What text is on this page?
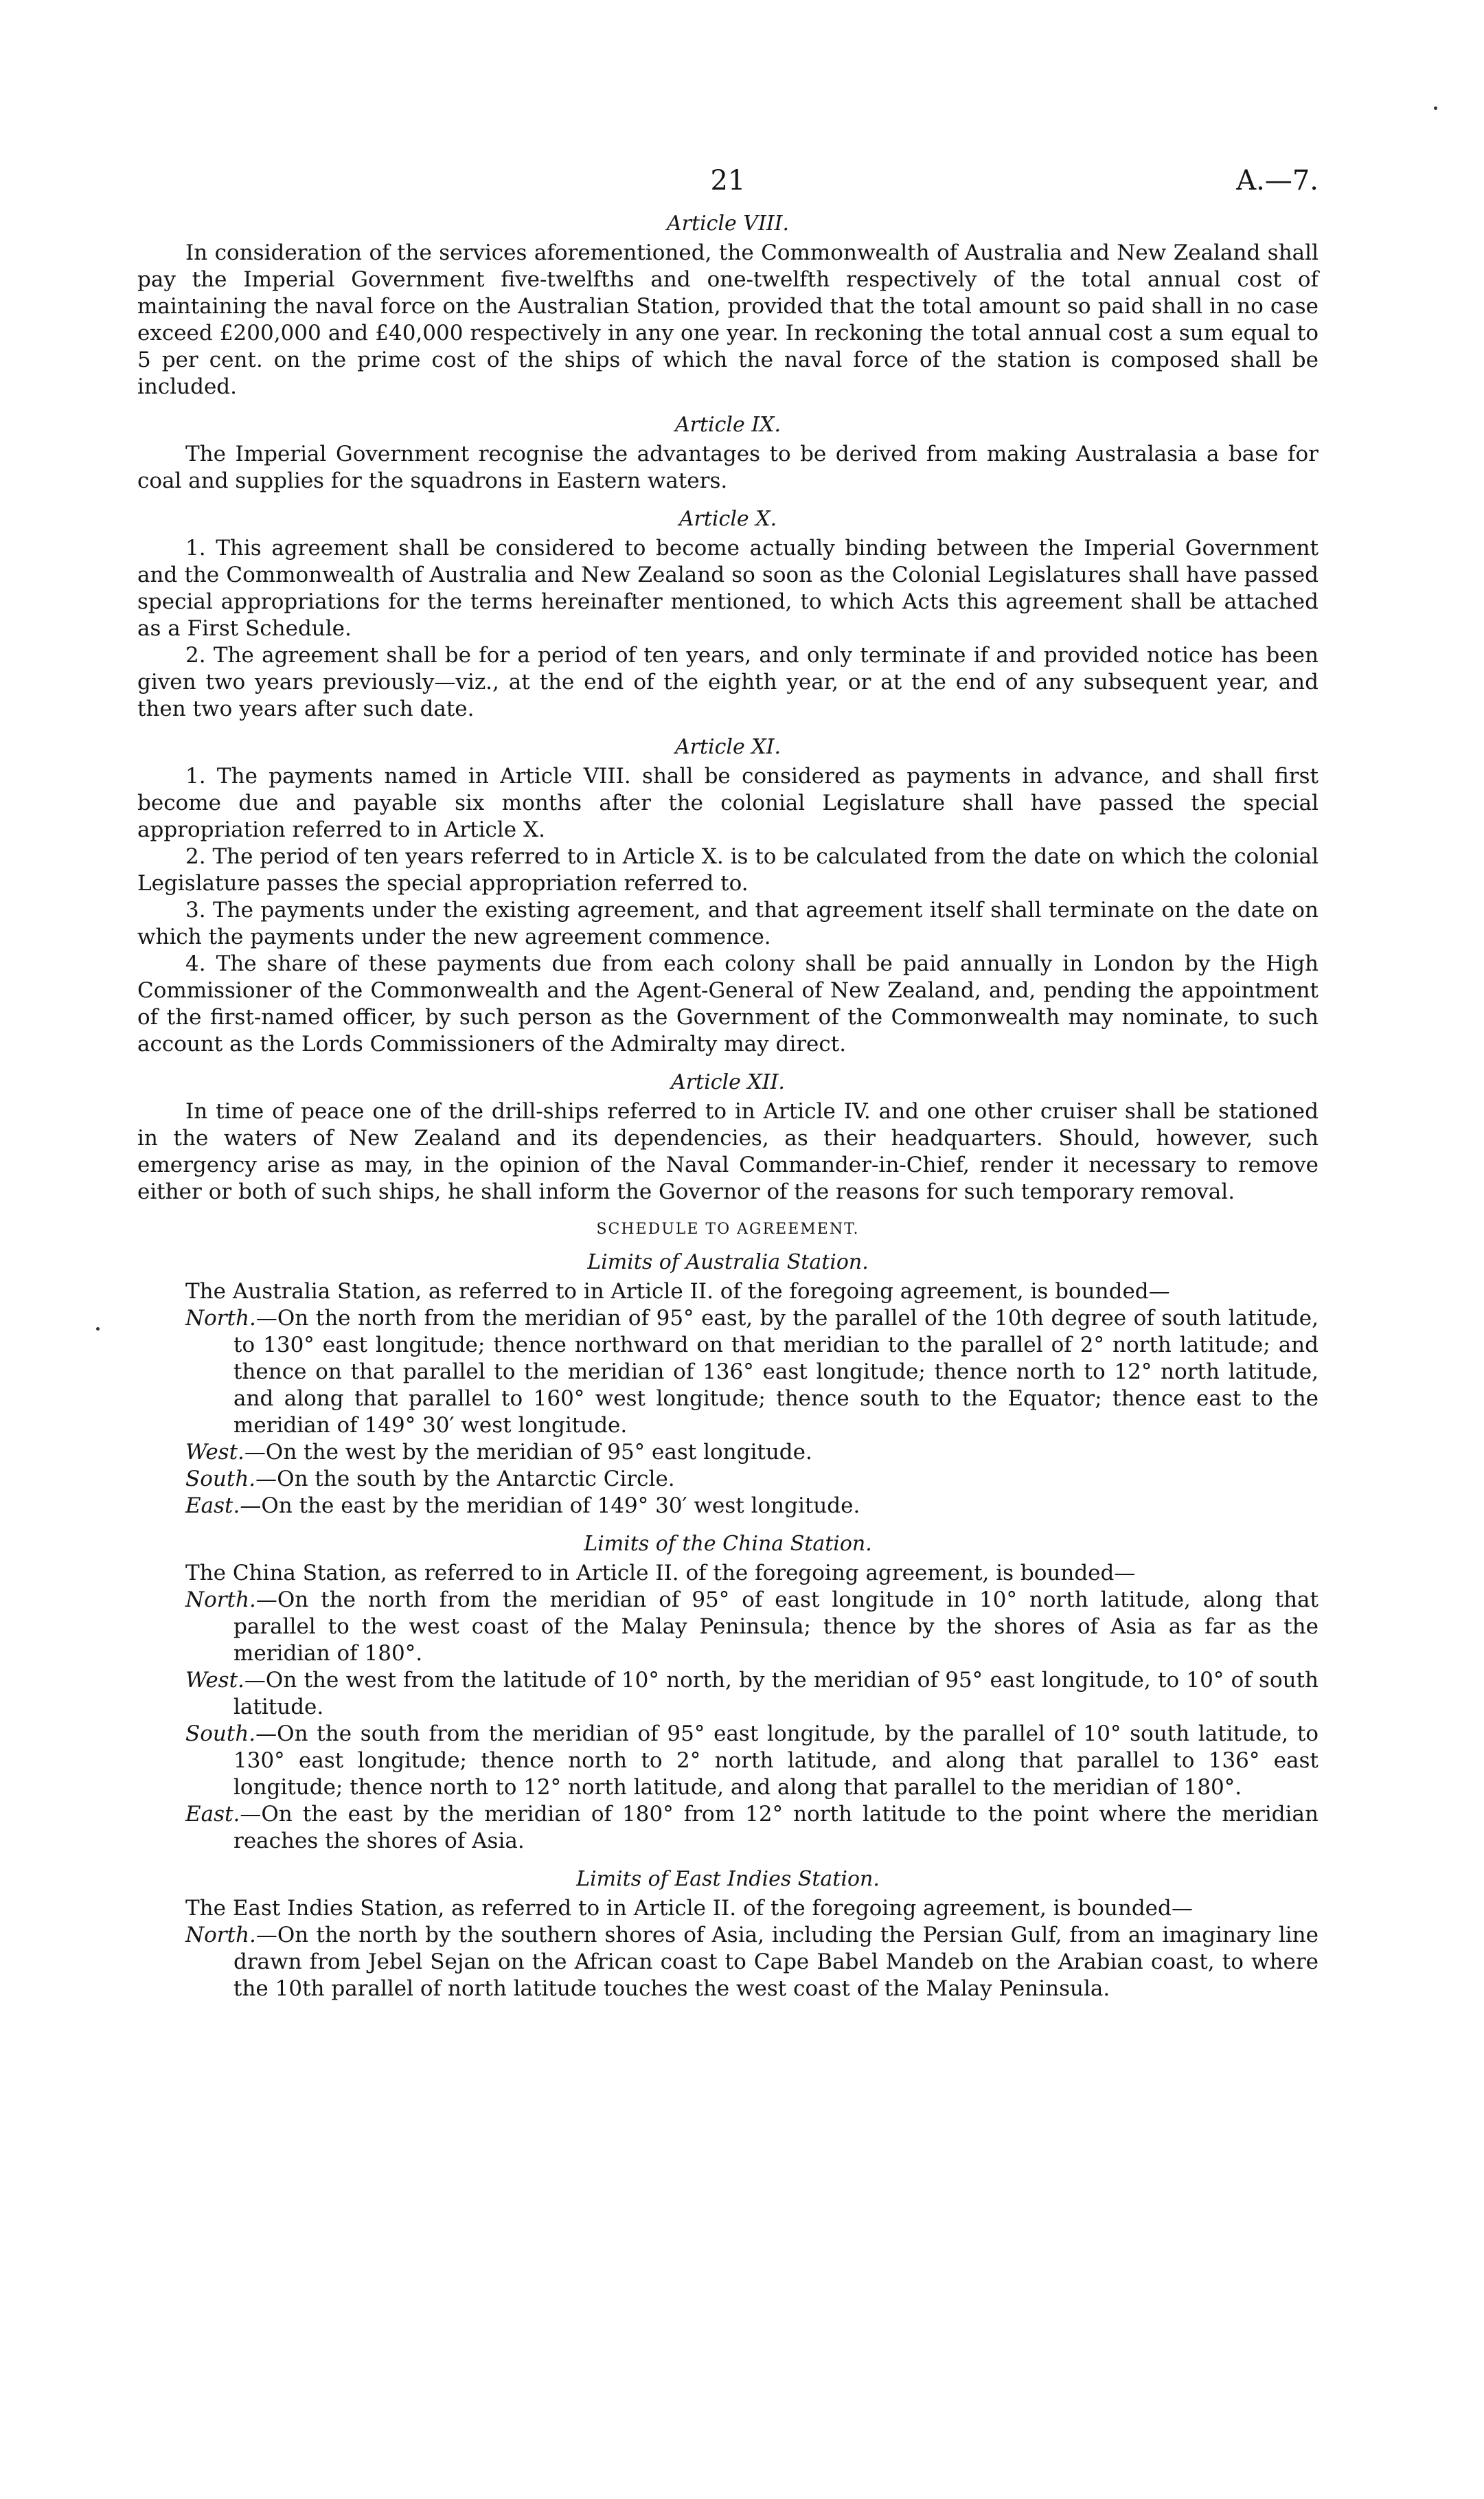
21	A.—7.
Article VIII.

In consideration of the services aforementioned, the Commonwealth of Australia and New Zealand shall pay the Imperial Government five-twelfths and one-twelfth respectively of the total annual cost of maintaining the naval force on the Australian Station, provided that the total amount so paid shall in no case exceed £200,000 and £40,000 respectively in any one year. In reckoning the total annual cost a sum equal to 5 per cent. on the prime cost of the ships of which the naval force of the station is composed shall be included.

Article IX.

The Imperial Government recognise the advantages to be derived from making Australasia a base for coal and supplies for the squadrons in Eastern waters.

Article X.

1. This agreement shall be considered to become actually binding between the Imperial Government and the Commonwealth of Australia and New Zealand so soon as the Colonial Legislatures shall have passed special appropriations for the terms hereinafter mentioned, to which Acts this agreement shall be attached as a First Schedule.

2. The agreement shall be for a period of ten years, and only terminate if and provided notice has been given two years previously—viz., at the end of the eighth year, or at the end of any subsequent year, and then two years after such date.

Article XI.

1. The payments named in Article VIII. shall be considered as payments in advance, and shall first become due and payable six months after the colonial Legislature shall have passed the special appropriation referred to in Article X.

2. The period of ten years referred to in Article X. is to be calculated from the date on which the colonial Legislature passes the special appropriation referred to.

3. The payments under the existing agreement, and that agreement itself shall terminate on the date on which the payments under the new agreement commence.

4. The share of these payments due from each colony shall be paid annually in London by the High Commissioner of the Commonwealth and the Agent-General of New Zealand, and, pending the appointment of the first-named officer, by such person as the Government of the Commonwealth may nominate, to such account as the Lords Commissioners of the Admiralty may direct.

Article XII.

In time of peace one of the drill-ships referred to in Article IV. and one other cruiser shall be stationed in the waters of New Zealand and its dependencies, as their headquarters. Should, however, such emergency arise as may, in the opinion of the Naval Commander-in-Chief, render it necessary to remove either or both of such ships, he shall inform the Governor of the reasons for such temporary removal.

SCHEDULE TO AGREEMENT.
Limits of Australia Station.

The Australia Station, as referred to in Article II. of the foregoing agreement, is bounded—

North.—On the north from the meridian of 95° east, by the parallel of the 10th degree of south latitude, to 130° east longitude; thence northward on that meridian to the parallel of 2° north latitude; and thence on that parallel to the meridian of 136° east longitude; thence north to 12° north latitude, and along that parallel to 160° west longitude; thence south to the Equator; thence east to the meridian of 149° 30′ west longitude.

West.—On the west by the meridian of 95° east longitude.

South.—On the south by the Antarctic Circle.

East.—On the east by the meridian of 149° 30′ west longitude.

Limits of the China Station.

The China Station, as referred to in Article II. of the foregoing agreement, is bounded—

North.—On the north from the meridian of 95° of east longitude in 10° north latitude, along that parallel to the west coast of the Malay Peninsula; thence by the shores of Asia as far as the meridian of 180°.

West.—On the west from the latitude of 10° north, by the meridian of 95° east longitude, to 10° of south latitude.

South.—On the south from the meridian of 95° east longitude, by the parallel of 10° south latitude, to 130° east longitude; thence north to 2° north latitude, and along that parallel to 136° east longitude; thence north to 12° north latitude, and along that parallel to the meridian of 180°.

East.—On the east by the meridian of 180° from 12° north latitude to the point where the meridian reaches the shores of Asia.

Limits of East Indies Station.

The East Indies Station, as referred to in Article II. of the foregoing agreement, is bounded—

North.—On the north by the southern shores of Asia, including the Persian Gulf, from an imaginary line drawn from Jebel Sejan on the African coast to Cape Babel Mandeb on the Arabian coast, to where the 10th parallel of north latitude touches the west coast of the Malay Peninsula.
